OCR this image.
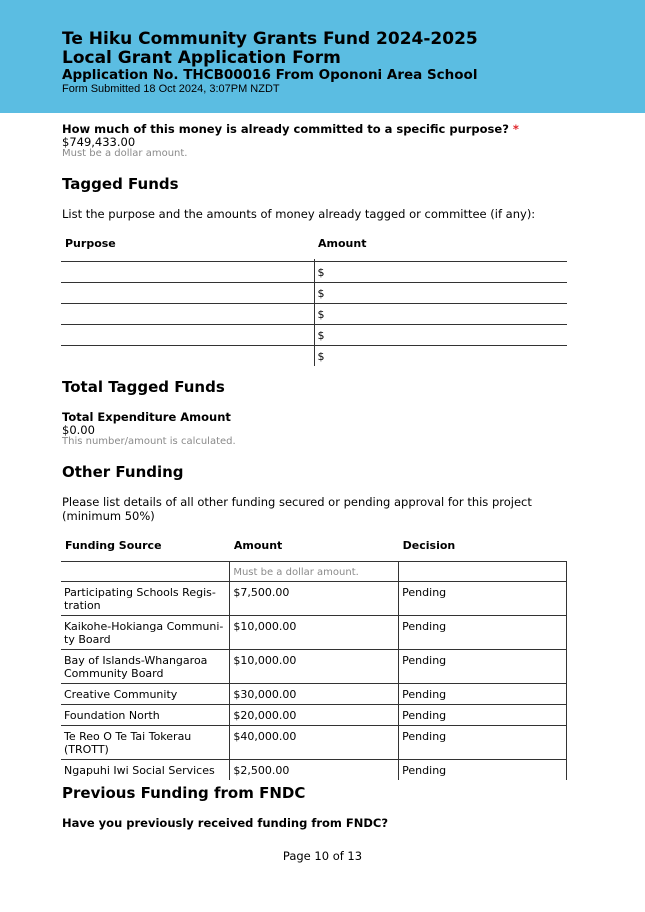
Te Hiku Community Grants Fund 2024-2025
Local Grant Application Form
Application No. THCB00016 From Opononi Area School
Form Submitted 18 Oct 2024, 3:07PM NZDT
How much of this money is already committed to a specific purpose? *
$749,433.00
Must be a dollar amount.
Tagged Funds
List the purpose and the amounts of money already tagged or committee (if any):
Purpose	Amount

	$
	$
	$
	$
	$
Total Tagged Funds
Total Expenditure Amount
$0.00
This number/amount is calculated.
Other Funding
Please list details of all other funding secured or pending approval for this project (minimum 50%)
Funding Source	Amount	Decision
	Must be a dollar amount.	
Participating Schools Regis-tration	$7,500.00	Pending
Kaikohe-Hokianga Communi-ty Board	$10,000.00	Pending
Bay of Islands-Whangaroa Community Board	$10,000.00	Pending
Creative Community	$30,000.00	Pending
Foundation North	$20,000.00	Pending
Te Reo O Te Tai Tokerau (TROTT)	$40,000.00	Pending
Ngapuhi Iwi Social Services	$2,500.00	Pending
Previous Funding from FNDC
Have you previously received funding from FNDC?
Page 10 of 13
